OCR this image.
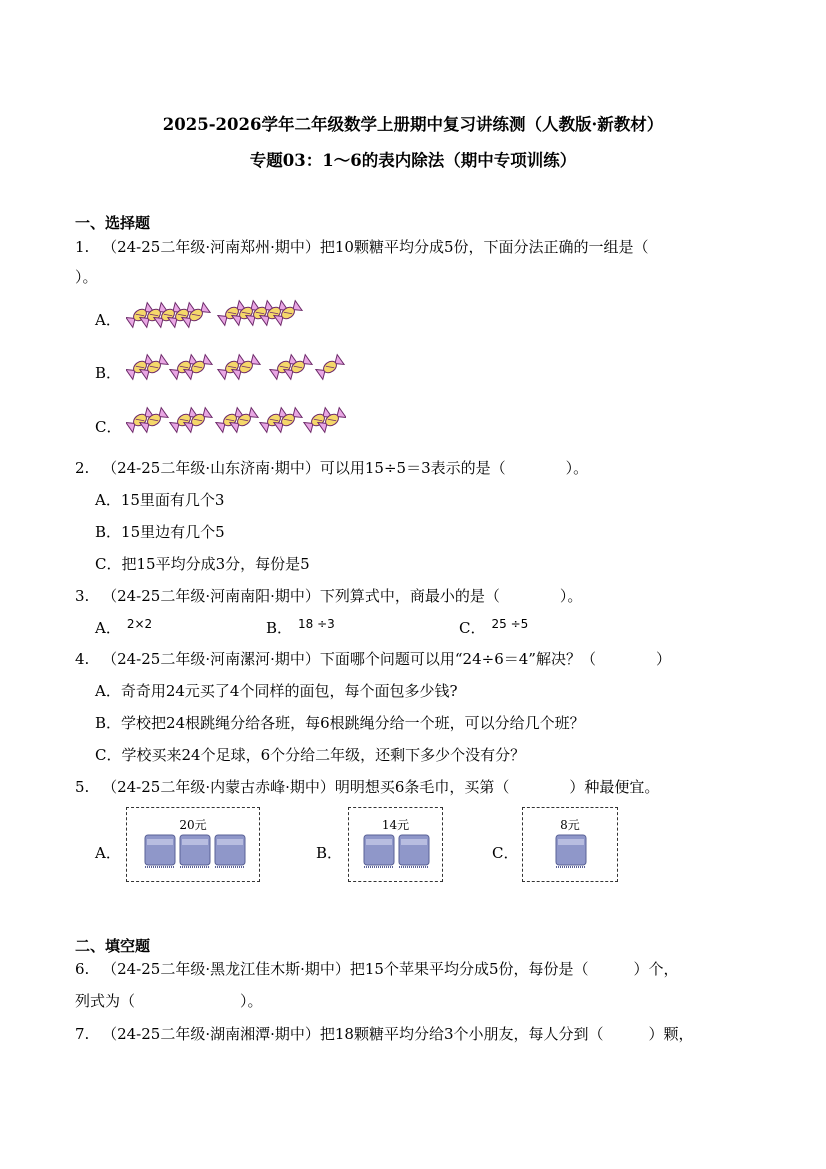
2025-2026学年二年级数学上册期中复习讲练测（人教版·新教材）
专题03：1～6的表内除法（期中专项训练）
一、选择题
1. （24-25二年级·河南郑州·期中）把10颗糖平均分成5份，下面分法正确的一组是（
）。
A．
B．
C．
2. （24-25二年级·山东济南·期中）可以用15÷5＝3表示的是（　　　　）。
A．15里面有几个3
B．15里边有几个5
C．把15平均分成3分，每份是5
3. （24-25二年级·河南南阳·期中）下列算式中，商最小的是（　　　　）。
A． $^{2\times 2}$	B． $^{18 \div 3}$	C． $^{25 \div 5}$
4. （24-25二年级·河南漯河·期中）下面哪个问题可以用“24÷6＝4”解决？（　　　　）
A．奇奇用24元买了4个同样的面包，每个面包多少钱?
B．学校把24根跳绳分给各班，每6根跳绳分给一个班，可以分给几个班？
C．学校买来24个足球，6个分给二年级，还剩下多少个没有分？
5. （24-25二年级·内蒙古赤峰·期中）明明想买6条毛巾，买第（　　　　）种最便宜。
A．
20元
B．
14元
C．
8元
二、填空题
6. （24-25二年级·黑龙江佳木斯·期中）把15个苹果平均分成5份，每份是（　　　）个，
列式为（　　　　　　　）。
7. （24-25二年级·湖南湘潭·期中）把18颗糖平均分给3个小朋友，每人分到（　　　）颗，
